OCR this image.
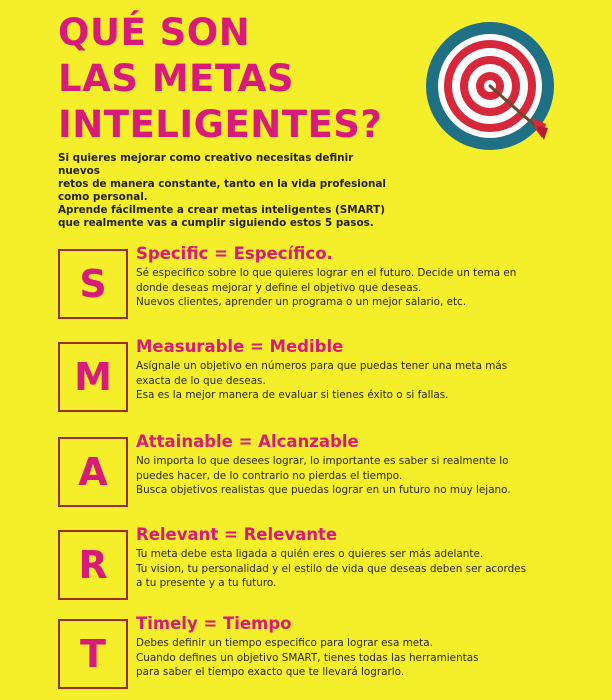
QUÉ SON
LAS METAS
INTELIGENTES?

Si quieres mejorar como creativo necesitas definir nuevos

retos de manera constante, tanto en la vida profesional

como personal.

Aprende fácilmente a crear metas inteligentes (SMART)

que realmente vas a cumplir siguiendo estos 5 pasos.

S
Specific = Específico.

Sé especifico sobre lo que quieres lograr en el futuro. Decide un tema en
donde deseas mejorar y define el objetivo que deseas.
Nuevos clientes, aprender un programa o un mejor salario, etc.

M
Measurable = Medible

Asígnale un objetivo en números para que puedas tener una meta más
exacta de lo que deseas.
Esa es la mejor manera de evaluar si tienes éxito o si fallas.

A
Attainable = Alcanzable

No importa lo que desees lograr, lo importante es saber si realmente lo
puedes hacer, de lo contrario no pierdas el tiempo.
Busca objetivos realistas que puedas lograr en un futuro no muy lejano.

R
Relevant = Relevante

Tu meta debe esta ligada a quién eres o quieres ser más adelante.
Tu vision, tu personalidad y el estilo de vida que deseas deben ser acordes
a tu presente y a tu futuro.

T
Timely = Tiempo

Debes definir un tiempo especifico para lograr esa meta.
Cuando defines un objetivo SMART, tienes todas las herramientas
para saber el tiempo exacto que te llevará lograrlo.
